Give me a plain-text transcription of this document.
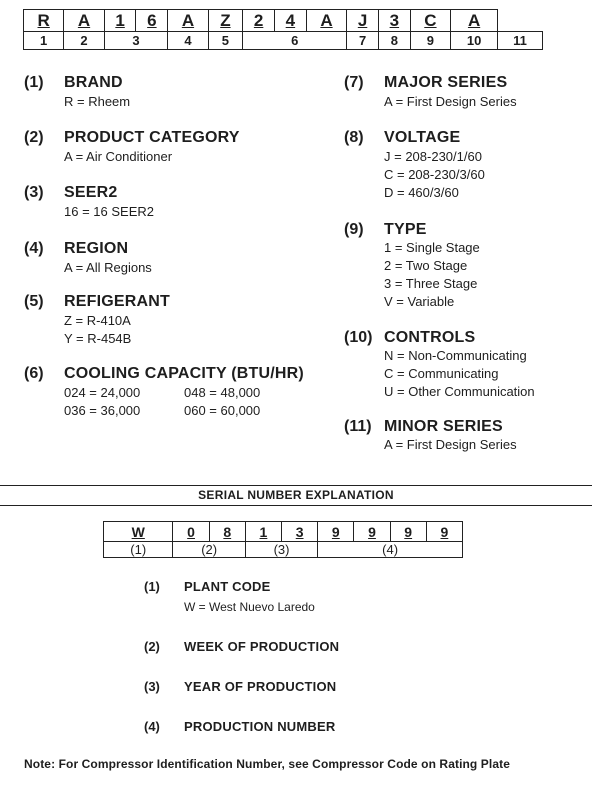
R	A	1	6	A	Z	2	4	A	J	3	C	A	
1	2	3		4	5	6			7	8	9	10	11
(1) BRAND
R = Rheem
(2) PRODUCT CATEGORY
A = Air Conditioner
(3) SEER2
16 = 16 SEER2
(4) REGION
A = All Regions
(5) REFIGERANT
Z = R-410A
Y = R-454B
(6) COOLING CAPACITY (BTU/HR)
024 = 24,000	048 = 48,000
036 = 36,000	060 = 60,000
(7) MAJOR SERIES
A = First Design Series
(8) VOLTAGE
J = 208-230/1/60
C = 208-230/3/60
D = 460/3/60
(9) TYPE
1 = Single Stage
2 = Two Stage
3 = Three Stage
V = Variable
(10) CONTROLS
N = Non-Communicating
C = Communicating
U = Other Communication
(11) MINOR SERIES
A = First Design Series
SERIAL NUMBER EXPLANATION
W	0	8	1	3	9	9	9	9
(1)	(2)		(3)		(4)			
(1) PLANT CODE
W = West Nuevo Laredo
(2) WEEK OF PRODUCTION
(3) YEAR OF PRODUCTION
(4) PRODUCTION NUMBER
Note: For Compressor Identification Number, see Compressor Code on Rating Plate
